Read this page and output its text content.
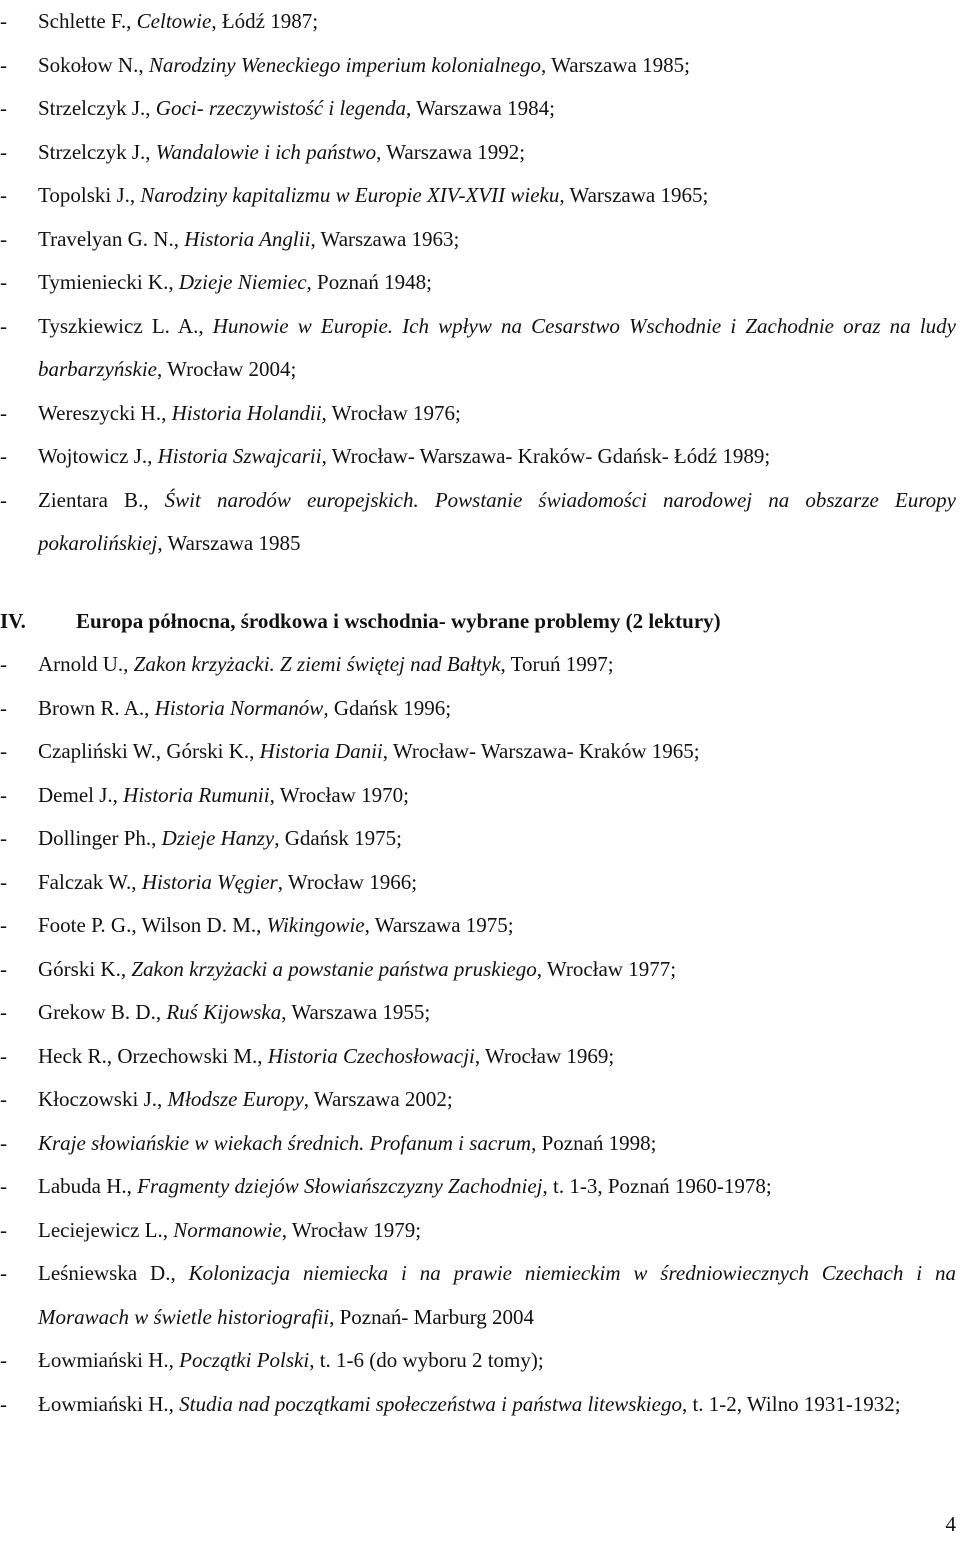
-	Schlette F., Celtowie, Łódź 1987;
-	Sokołow N., Narodziny Weneckiego imperium kolonialnego, Warszawa 1985;
-	Strzelczyk J., Goci- rzeczywistość i legenda, Warszawa 1984;
-	Strzelczyk J., Wandalowie i ich państwo, Warszawa 1992;
-	Topolski J., Narodziny kapitalizmu w Europie XIV-XVII wieku, Warszawa 1965;
-	Travelyan G. N., Historia Anglii, Warszawa 1963;
-	Tymieniecki K., Dzieje Niemiec, Poznań 1948;
-	Tyszkiewicz L. A., Hunowie w Europie. Ich wpływ na Cesarstwo Wschodnie i Zachodnie oraz na ludy barbarzyńskie, Wrocław 2004;
-	Wereszycki H., Historia Holandii, Wrocław 1976;
-	Wojtowicz J., Historia Szwajcarii, Wrocław- Warszawa- Kraków- Gdańsk- Łódź 1989;
-	Zientara B., Świt narodów europejskich. Powstanie świadomości narodowej na obszarze Europy pokarolińskiej, Warszawa 1985
IV. Europa północna, środkowa i wschodnia- wybrane problemy (2 lektury)
-	Arnold U., Zakon krzyżacki. Z ziemi świętej nad Bałtyk, Toruń 1997;
-	Brown R. A., Historia Normanów, Gdańsk 1996;
-	Czapliński W., Górski K., Historia Danii, Wrocław- Warszawa- Kraków 1965;
-	Demel J., Historia Rumunii, Wrocław 1970;
-	Dollinger Ph., Dzieje Hanzy, Gdańsk 1975;
-	Falczak W., Historia Węgier, Wrocław 1966;
-	Foote P. G., Wilson D. M., Wikingowie, Warszawa 1975;
-	Górski K., Zakon krzyżacki a powstanie państwa pruskiego, Wrocław 1977;
-	Grekow B. D., Ruś Kijowska, Warszawa 1955;
-	Heck R., Orzechowski M., Historia Czechosłowacji, Wrocław 1969;
-	Kłoczowski J., Młodsze Europy, Warszawa 2002;
-	Kraje słowiańskie w wiekach średnich. Profanum i sacrum, Poznań 1998;
-	Labuda H., Fragmenty dziejów Słowiańszczyzny Zachodniej, t. 1-3, Poznań 1960-1978;
-	Leciejewicz L., Normanowie, Wrocław 1979;
-	Leśniewska D., Kolonizacja niemiecka i na prawie niemieckim w średniowiecznych Czechach i na Morawach w świetle historiografii, Poznań- Marburg 2004
-	Łowmiański H., Początki Polski, t. 1-6 (do wyboru 2 tomy);
-	Łowmiański H., Studia nad początkami społeczeństwa i państwa litewskiego, t. 1-2, Wilno 1931-1932;
4
